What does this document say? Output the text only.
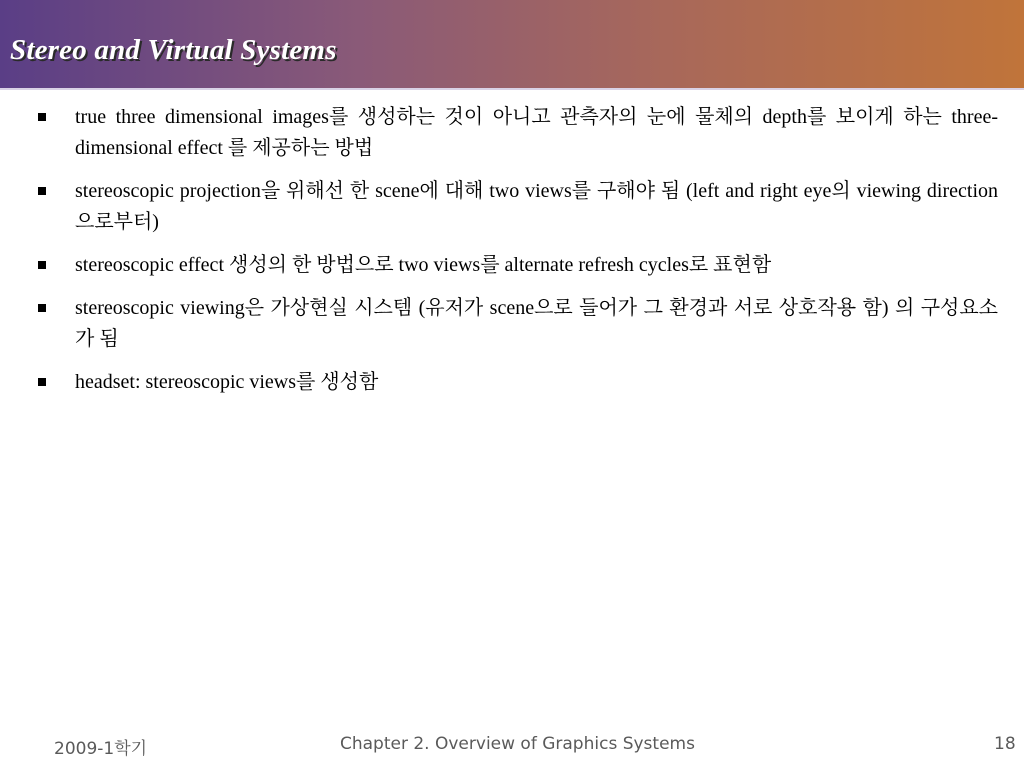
Stereo and Virtual Systems
true three dimensional images를 생성하는 것이 아니고 관측자의 눈에 물체의 depth를 보이게 하는 three-dimensional effect 를 제공하는 방법
stereoscopic projection을 위해선 한 scene에 대해 two views를 구해야 됨 (left and right eye의 viewing direction으로부터)
stereoscopic effect 생성의 한 방법으로 two views를 alternate refresh cycles로 표현함
stereoscopic viewing은 가상현실 시스템 (유저가 scene으로 들어가 그 환경과 서로 상호작용 함) 의 구성요소가 됨
headset: stereoscopic views를 생성함
2009-1학기	Chapter 2. Overview of Graphics Systems	18
